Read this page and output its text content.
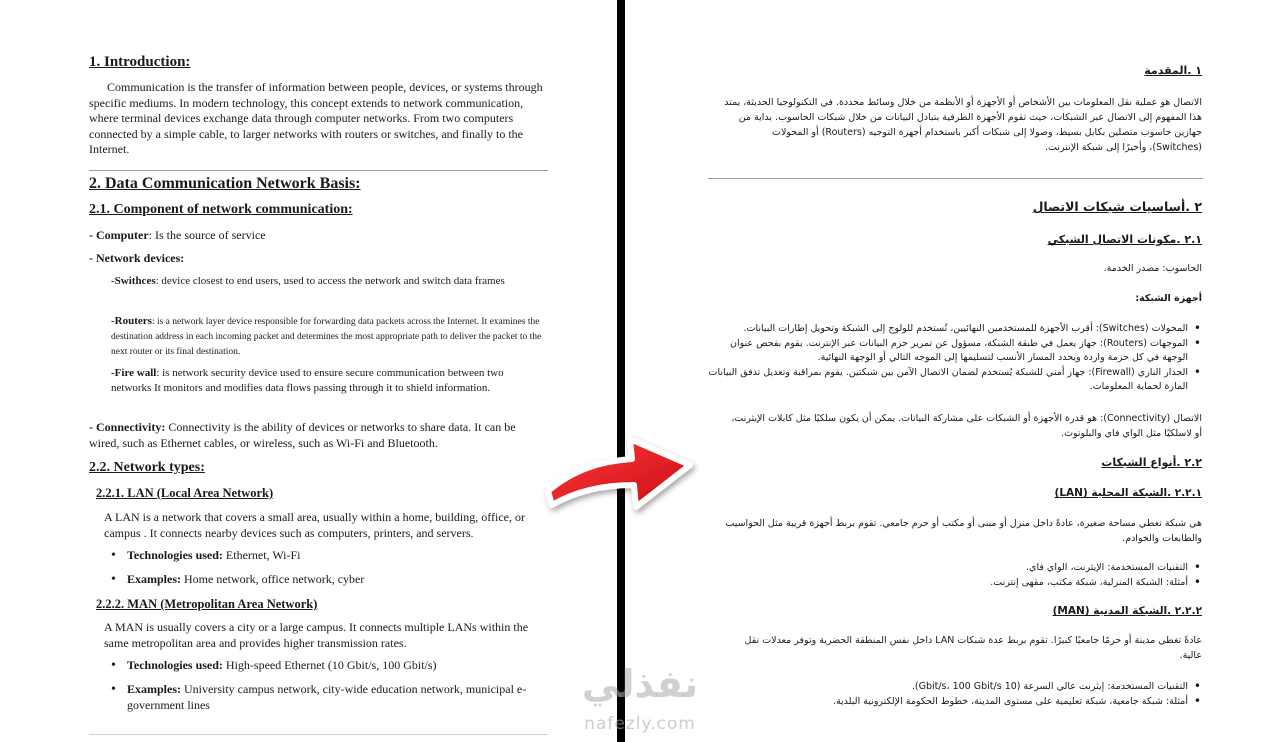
1. Introduction:

Communication is the transfer of information between people, devices, or systems through specific mediums. In modern technology, this concept extends to network communication, where terminal devices exchange data through computer networks. From two computers connected by a simple cable, to larger networks with routers or switches, and finally to the Internet.

2. Data Communication Network Basis:
2.1. Component of network communication:

- Computer: Is the source of service

- Network devices:

-Swithces: device closest to end users, used to access the network and switch data frames

-Routers: is a network layer device responsible for forwarding data packets across the Internet. It examines the destination address in each incoming packet and determines the most appropriate path to deliver the packet to the next router or its final destination.

-Fire wall: is network security device used to ensure secure communication between two networks It monitors and modifies data flows passing through it to shield information.

- Connectivity: Connectivity is the ability of devices or networks to share data. It can be wired, such as Ethernet cables, or wireless, such as Wi-Fi and Bluetooth.

2.2. Network types:
2.2.1. LAN (Local Area Network)

A LAN is a network that covers a small area, usually within a home, building, office, or campus . It connects nearby devices such as computers, printers, and servers.

• Technologies used: Ethernet, Wi-Fi
• Examples: Home network, office network, cyber
2.2.2. MAN (Metropolitan Area Network)

A MAN is usually covers a city or a large campus. It connects multiple LANs within the same metropolitan area and provides higher transmission rates.

• Technologies used: High-speed Ethernet (10 Gbit/s, 100 Gbit/s)
• Examples: University campus network, city-wide education network, municipal e-government lines
١ .المقدمة

الاتصال هو عملية نقل المعلومات بين الأشخاص أو الأجهزة أو الأنظمة من خلال وسائط محددة. في التكنولوجيا الحديثة، يمتد هذا المفهوم إلى الاتصال عبر الشبكات، حيث تقوم الأجهزة الطرفية بتبادل البيانات من خلال شبكات الحاسوب. بداية من جهازين حاسوب متصلين بكابل بسيط، وصولا إلى شبكات أكبر باستخدام أجهزة التوجيه (Routers) أو المحولات (Switches)، وأخيرًا إلى شبكة الإنترنت.

٢ .أساسيات شبكات الاتصال
٢.١ .مكونات الاتصال الشبكي

الحاسوب: مصدر الخدمة.

أجهزة الشبكة:

المحولات (Switches): أقرب الأجهزة للمستخدمين النهائيين، تُستخدم للولوج إلى الشبكة وتحويل إطارات البيانات. •
الموجهات (Routers): جهاز يعمل في طبقة الشبكة، مسؤول عن تمرير حزم البيانات عبر الإنترنت. يقوم بفحص عنوان الوجهة في كل حزمة واردة ويحدد المسار الأنسب لتسليمها إلى الموجه التالي أو الوجهة النهائية. •
الجدار الناري (Firewall): جهاز أمني للشبكة يُستخدم لضمان الاتصال الآمن بين شبكتين. يقوم بمراقبة وتعديل تدفق البيانات المارة لحماية المعلومات. •

الاتصال (Connectivity): هو قدرة الأجهزة أو الشبكات على مشاركة البيانات. يمكن أن يكون سلكيًا مثل كابلات الإيثرنت، أو لاسلكيًا مثل الواي فاي والبلوتوث.

٢.٢ .أنواع الشبكات
٢.٢.١ .الشبكة المحلية (LAN)

هي شبكة تغطي مساحة صغيرة، عادةً داخل منزل أو مبنى أو مكتب أو حرم جامعي. تقوم بربط أجهزة قريبة مثل الحواسيب والطابعات والخوادم.

التقنيات المستخدمة: الإيثرنت، الواي فاي. •
أمثلة: الشبكة المنزلية، شبكة مكتب، مقهى إنترنت. •
٢.٢.٢ .الشبكة المدنية (MAN)

عادةً تغطي مدينة أو حرمًا جامعيًا كبيرًا. تقوم بربط عدة شبكات LAN داخل نفس المنطقة الحضرية وتوفر معدلات نقل عالية.

التقنيات المستخدمة: إيثرنت عالي السرعة (10 Gbit/s، 100 Gbit/s). •
أمثلة: شبكة جامعية، شبكة تعليمية على مستوى المدينة، خطوط الحكومة الإلكترونية البلدية. •
نفذلي
nafezly.com
